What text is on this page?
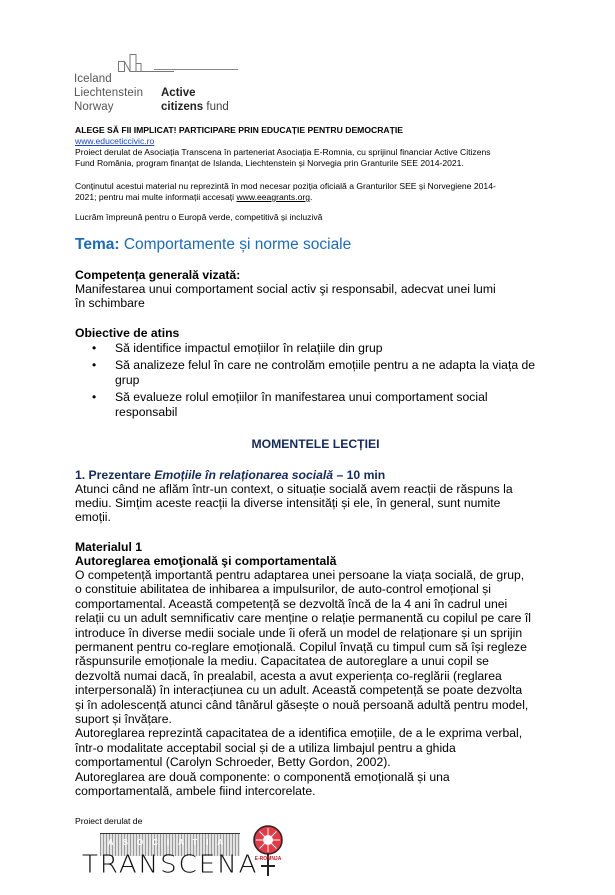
Iceland
Liechtenstein
Norway
Active
citizens fund
ALEGE SĂ FII IMPLICAT! PARTICIPARE PRIN EDUCAȚIE PENTRU DEMOCRAȚIE
www.educeticcivic.ro
Proiect derulat de Asociația Transcena în parteneriat Asociația E-Romnia, cu sprijinul financiar Active Citizens
Fund România, program finanțat de Islanda, Liechtenstein și Norvegia prin Granturile SEE 2014-2021.
Conținutul acestui material nu reprezintă în mod necesar poziția oficială a Granturilor SEE și Norvegiene 2014-
2021; pentru mai multe informații accesați www.eeagrants.org.
Lucrăm împreună pentru o Europă verde, competitivă și incluzivă
Tema: Comportamente și norme sociale
Competența generală vizată:
Manifestarea unui comportament social activ şi responsabil, adecvat unei lumi
în schimbare
Obiective de atins
• Să identifice impactul emoțiilor în relațiile din grup
• Să analizeze felul în care ne controlăm emoțiile pentru a ne adapta la viața de
grup
• Să evalueze rolul emoțiilor în manifestarea unui comportament social
responsabil
MOMENTELE LECȚIEI
1. Prezentare Emoțiile în relaționarea socială – 10 min
Atunci când ne aflăm într-un context, o situație socială avem reacții de răspuns la
mediu. Simțim aceste reacții la diverse intensități și ele, în general, sunt numite
emoții.
Materialul 1
Autoreglarea emoţională şi comportamentală
O competență importantă pentru adaptarea unei persoane la viața socială, de grup,
o constituie abilitatea de inhibarea a impulsurilor, de auto-control emoțional și
comportamental. Această competență se dezvoltă încă de la 4 ani în cadrul unei
relații cu un adult semnificativ care menține o relație permanentă cu copilul pe care îl
introduce în diverse medii sociale unde îi oferă un model de relaționare și un sprijin
permanent pentru co-reglare emoțională. Copilul învață cu timpul cum să își regleze
răspunsurile emoționale la mediu. Capacitatea de autoreglare a unui copil se
dezvoltă numai dacă, în prealabil, acesta a avut experiența co-reglării (reglarea
interpersonală) în interacțiunea cu un adult. Această competență se poate dezvolta
și în adolescență atunci când tânărul găsește o nouă persoană adultă pentru model,
suport și învățare.
Autoreglarea reprezintă capacitatea de a identifica emoțiile, de a le exprima verbal,
într-o modalitate acceptabil social și de a utiliza limbajul pentru a ghida
comportamentul (Carolyn Schroeder, Betty Gordon, 2002).
Autoreglarea are două componente: o componentă emoțională și una
comportamentală, ambele fiind intercorelate.
Proiect derulat de
ASOCIATIA
TRANSCENA
E-ROMNJA
